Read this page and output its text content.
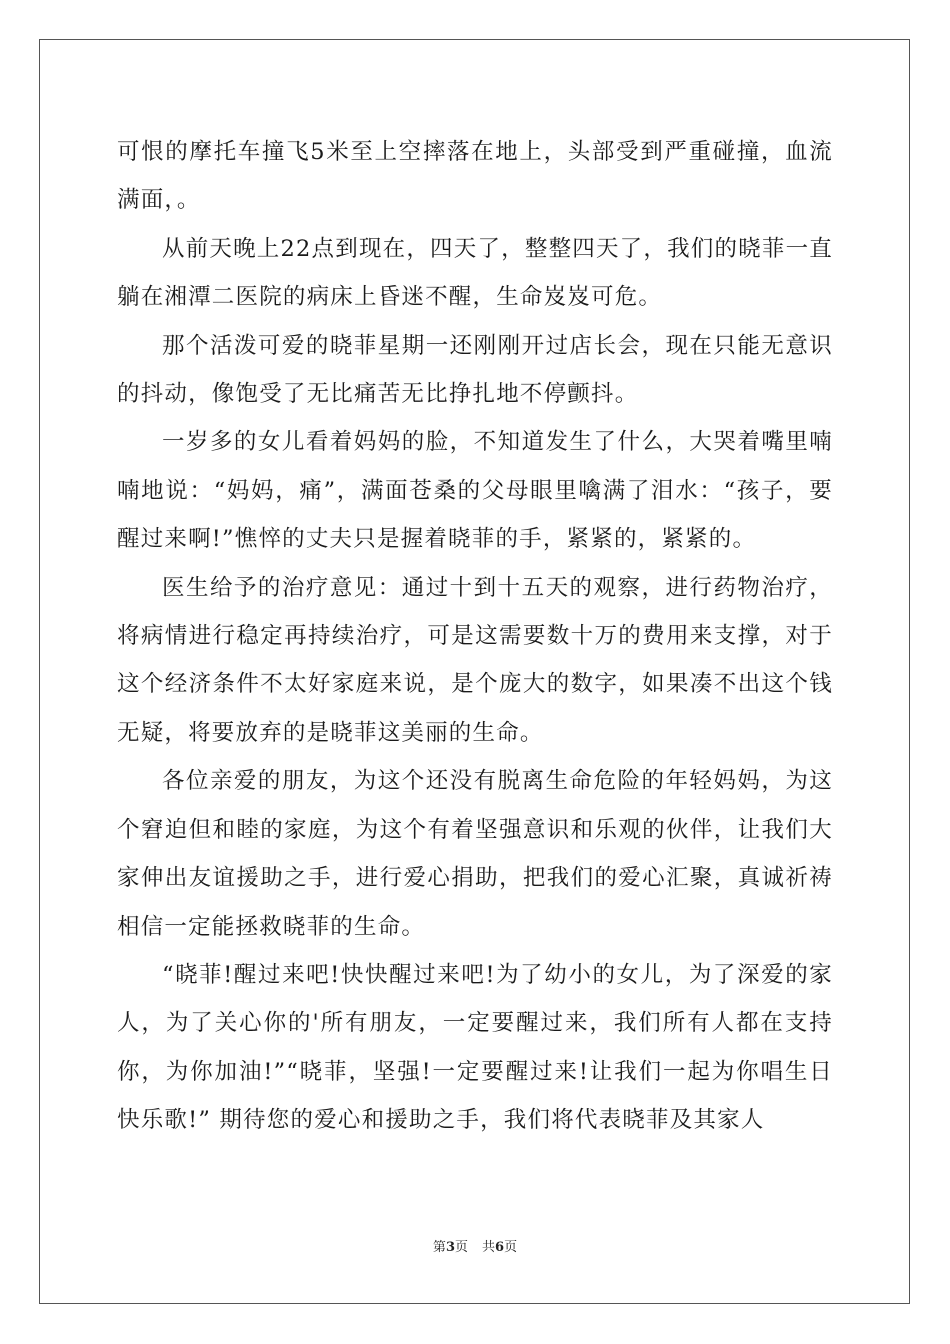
可恨的摩托车撞飞5米至上空摔落在地上，头部受到严重碰撞，血流满面，。

从前天晚上22点到现在，四天了，整整四天了，我们的晓菲一直躺在湘潭二医院的病床上昏迷不醒，生命岌岌可危。

那个活泼可爱的晓菲星期一还刚刚开过店长会，现在只能无意识的抖动，像饱受了无比痛苦无比挣扎地不停颤抖。

一岁多的女儿看着妈妈的脸，不知道发生了什么，大哭着嘴里喃喃地说：“妈妈，痛”，满面苍桑的父母眼里噙满了泪水：“孩子，要醒过来啊!”憔悴的丈夫只是握着晓菲的手，紧紧的，紧紧的。

医生给予的治疗意见：通过十到十五天的观察，进行药物治疗，将病情进行稳定再持续治疗，可是这需要数十万的费用来支撑，对于这个经济条件不太好家庭来说，是个庞大的数字，如果凑不出这个钱无疑，将要放弃的是晓菲这美丽的生命。

各位亲爱的朋友，为这个还没有脱离生命危险的年轻妈妈，为这个窘迫但和睦的家庭，为这个有着坚强意识和乐观的伙伴，让我们大家伸出友谊援助之手，进行爱心捐助，把我们的爱心汇聚，真诚祈祷相信一定能拯救晓菲的生命。

“晓菲!醒过来吧!快快醒过来吧!为了幼小的女儿，为了深爱的家人，为了关心你的'所有朋友，一定要醒过来，我们所有人都在支持你，为你加油!”“晓菲，坚强!一定要醒过来!让我们一起为你唱生日快乐歌!” 期待您的爱心和援助之手，我们将代表晓菲及其家人

第3页 共6页
